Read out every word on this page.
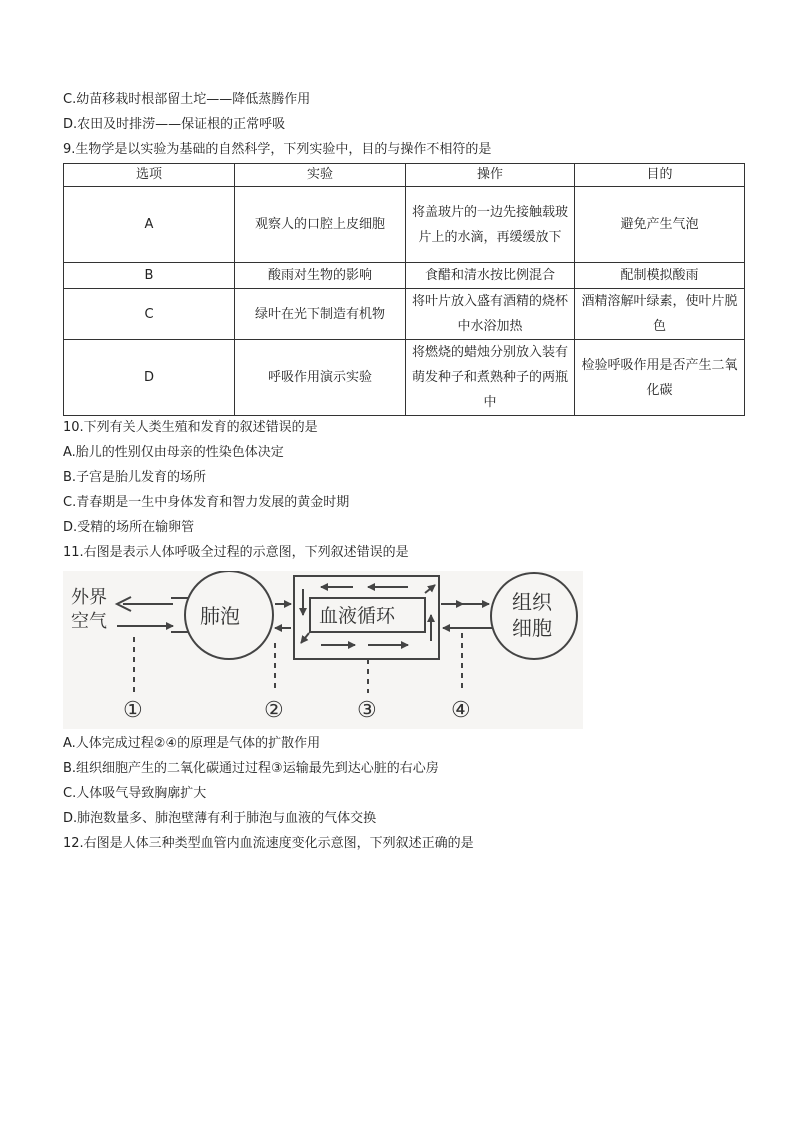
C.幼苗移栽时根部留土坨——降低蒸腾作用
D.农田及时排涝——保证根的正常呼吸
9.生物学是以实验为基础的自然科学，下列实验中，目的与操作不相符的是
选项	实验	操作	目的
A	观察人的口腔上皮细胞	将盖玻片的一边先接触载玻片上的水滴，再缓缓放下	避免产生气泡
B	酸雨对生物的影响	食醋和清水按比例混合	配制模拟酸雨
C	绿叶在光下制造有机物	将叶片放入盛有酒精的烧杯中水浴加热	酒精溶解叶绿素，使叶片脱色
D	呼吸作用演示实验	将燃烧的蜡烛分别放入装有萌发种子和煮熟种子的两瓶中	检验呼吸作用是否产生二氧化碳
10.下列有关人类生殖和发育的叙述错误的是
A.胎儿的性别仅由母亲的性染色体决定
B.子宫是胎儿发育的场所
C.青春期是一生中身体发育和智力发展的黄金时期
D.受精的场所在输卵管
11.右图是表示人体呼吸全过程的示意图，下列叙述错误的是
外界
空气	肺泡	血液循环
组织
细胞
①	②	③	④
A.人体完成过程②④的原理是气体的扩散作用
B.组织细胞产生的二氧化碳通过过程③运输最先到达心脏的右心房
C.人体吸气导致胸廓扩大
D.肺泡数量多、肺泡壁薄有利于肺泡与血液的气体交换
12.右图是人体三种类型血管内血流速度变化示意图，下列叙述正确的是
